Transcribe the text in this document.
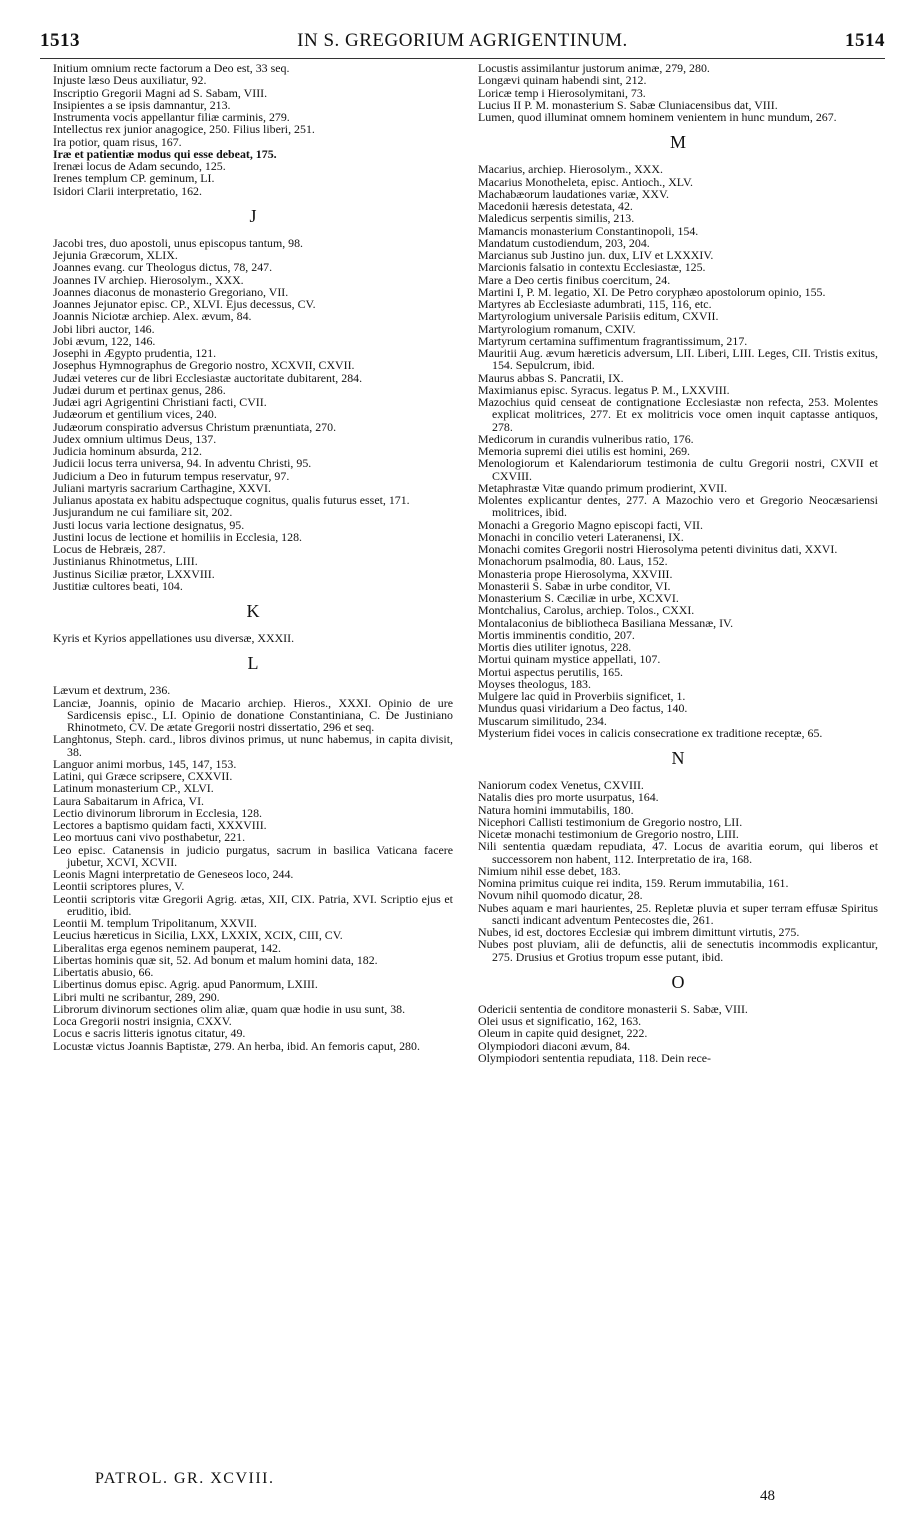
1513	IN S. GREGORIUM AGRIGENTINUM.	1514
Initium omnium recte factorum a Deo est, 33 seq.
Injuste læso Deus auxiliatur, 92.
Inscriptio Gregorii Magni ad S. Sabam, VIII.
Insipientes a se ipsis damnantur, 213.
Instrumenta vocis appellantur filiæ carminis, 279.
Intellectus rex junior anagogice, 250. Filius liberi, 251.
Ira potior, quam risus, 167.
Iræ et patientiæ modus qui esse debeat, 175.
Irenæi locus de Adam secundo, 125.
Irenes templum CP. geminum, LI.
Isidori Clarii interpretatio, 162.
J
Jacobi tres, duo apostoli, unus episcopus tantum, 98.
Jejunia Græcorum, XLIX.
Joannes evang. cur Theologus dictus, 78, 247.
Joannes IV archiep. Hierosolym., XXX.
Joannes diaconus de monasterio Gregoriano, VII.
Joannes Jejunator episc. CP., XLVI. Ejus decessus, CV.
Joannis Niciotæ archiep. Alex. ævum, 84.
Jobi libri auctor, 146.
Jobi ævum, 122, 146.
Josephi in Ægypto prudentia, 121.
Josephus Hymnographus de Gregorio nostro, XCXVII, CXVII.
Judæi veteres cur de libri Ecclesiastæ auctoritate dubitarent, 284.
Judæi durum et pertinax genus, 286.
Judæi agri Agrigentini Christiani facti, CVII.
Judæorum et gentilium vices, 240.
Judæorum conspiratio adversus Christum prænuntiata, 270.
Judex omnium ultimus Deus, 137.
Judicia hominum absurda, 212.
Judicii locus terra universa, 94. In adventu Christi, 95.
Judicium a Deo in futurum tempus reservatur, 97.
Juliani martyris sacrarium Carthagine, XXVI.
Julianus apostata ex habitu adspectuque cognitus, qualis futurus esset, 171.
Jusjurandum ne cui familiare sit, 202.
Justi locus varia lectione designatus, 95.
Justini locus de lectione et homiliis in Ecclesia, 128.
Locus de Hebræis, 287.
Justinianus Rhinotmetus, LIII.
Justinus Siciliæ prætor, LXXVIII.
Justitiæ cultores beati, 104.
K
Kyris et Kyrios appellationes usu diversæ, XXXII.
L
Lævum et dextrum, 236.
Lanciæ, Joannis, opinio de Macario archiep. Hieros., XXXI. Opinio de ure Sardicensis episc., LI. Opinio de donatione Constantiniana, C. De Justiniano Rhinotmeto, CV. De ætate Gregorii nostri dissertatio, 296 et seq.
Langhtonus, Steph. card., libros divinos primus, ut nunc habemus, in capita divisit, 38.
Languor animi morbus, 145, 147, 153.
Latini, qui Græce scripsere, CXXVII.
Latinum monasterium CP., XLVI.
Laura Sabaitarum in Africa, VI.
Lectio divinorum librorum in Ecclesia, 128.
Lectores a baptismo quidam facti, XXXVIII.
Leo mortuus cani vivo posthabetur, 221.
Leo episc. Catanensis in judicio purgatus, sacrum in basilica Vaticana facere jubetur, XCVI, XCVII.
Leonis Magni interpretatio de Geneseos loco, 244.
Leontii scriptores plures, V.
Leontii scriptoris vitæ Gregorii Agrig. ætas, XII, CIX. Patria, XVI. Scriptio ejus et eruditio, ibid.
Leontii M. templum Tripolitanum, XXVII.
Leucius hæreticus in Sicilia, LXX, LXXIX, XCIX, CIII, CV.
Liberalitas erga egenos neminem pauperat, 142.
Libertas hominis quæ sit, 52. Ad bonum et malum homini data, 182.
Libertatis abusio, 66.
Libertinus domus episc. Agrig. apud Panormum, LXIII.
Libri multi ne scribantur, 289, 290.
Librorum divinorum sectiones olim aliæ, quam quæ hodie in usu sunt, 38.
Loca Gregorii nostri insignia, CXXV.
Locus e sacris litteris ignotus citatur, 49.
Locustæ victus Joannis Baptistæ, 279. An herba, ibid. An femoris caput, 280.
Locustis assimilantur justorum animæ, 279, 280.
Longævi quinam habendi sint, 212.
Loricæ temp i Hierosolymitani, 73.
Lucius II P. M. monasterium S. Sabæ Cluniacensibus dat, VIII.
Lumen, quod illuminat omnem hominem venientem in hunc mundum, 267.
M
Macarius, archiep. Hierosolym., XXX.
Macarius Monotheleta, episc. Antioch., XLV.
Machabæorum laudationes variæ, XXV.
Macedonii hæresis detestata, 42.
Maledicus serpentis similis, 213.
Mamancis monasterium Constantinopoli, 154.
Mandatum custodiendum, 203, 204.
Marcianus sub Justino jun. dux, LIV et LXXXIV.
Marcionis falsatio in contextu Ecclesiastæ, 125.
Mare a Deo certis finibus coercitum, 24.
Martini I, P. M. legatio, XI. De Petro coryphæo apostolorum opinio, 155.
Martyres ab Ecclesiaste adumbrati, 115, 116, etc.
Martyrologium universale Parisiis editum, CXVII.
Martyrologium romanum, CXIV.
Martyrum certamina suffimentum fragrantissimum, 217.
Mauritii Aug. ævum hæreticis adversum, LII. Liberi, LIII. Leges, CII. Tristis exitus, 154. Sepulcrum, ibid.
Maurus abbas S. Pancratii, IX.
Maximianus episc. Syracus. legatus P. M., LXXVIII.
Mazochius quid censeat de contignatione Ecclesiastæ non refecta, 253. Molentes explicat molitrices, 277. Et ex molitricis voce omen inquit captasse antiquos, 278.
Medicorum in curandis vulneribus ratio, 176.
Memoria supremi diei utilis est homini, 269.
Menologiorum et Kalendariorum testimonia de cultu Gregorii nostri, CXVII et CXVIII.
Metaphrastæ Vitæ quando primum prodierint, XVII.
Molentes explicantur dentes, 277. A Mazochio vero et Gregorio Neocæsariensi molitrices, ibid.
Monachi a Gregorio Magno episcopi facti, VII.
Monachi in concilio veteri Lateranensi, IX.
Monachi comites Gregorii nostri Hierosolyma petenti divinitus dati, XXVI.
Monachorum psalmodia, 80. Laus, 152.
Monasteria prope Hierosolyma, XXVIII.
Monasterii S. Sabæ in urbe conditor, VI.
Monasterium S. Cæciliæ in urbe, XCXVI.
Montchalius, Carolus, archiep. Tolos., CXXI.
Montalaconius de bibliotheca Basiliana Messanæ, IV.
Mortis imminentis conditio, 207.
Mortis dies utiliter ignotus, 228.
Mortui quinam mystice appellati, 107.
Mortui aspectus perutilis, 165.
Moyses theologus, 183.
Mulgere lac quid in Proverbiis significet, 1.
Mundus quasi viridarium a Deo factus, 140.
Muscarum similitudo, 234.
Mysterium fidei voces in calicis consecratione ex traditione receptæ, 65.
N
Naniorum codex Venetus, CXVIII.
Natalis dies pro morte usurpatus, 164.
Natura homini immutabilis, 180.
Nicephori Callisti testimonium de Gregorio nostro, LII.
Nicetæ monachi testimonium de Gregorio nostro, LIII.
Nili sententia quædam repudiata, 47. Locus de avaritia eorum, qui liberos et successorem non habent, 112. Interpretatio de ira, 168.
Nimium nihil esse debet, 183.
Nomina primitus cuique rei indita, 159. Rerum immutabilia, 161.
Novum nihil quomodo dicatur, 28.
Nubes aquam e mari haurientes, 25. Repletæ pluvia et super terram effusæ Spiritus sancti indicant adventum Pentecostes die, 261.
Nubes, id est, doctores Ecclesiæ qui imbrem dimittunt virtutis, 275.
Nubes post pluviam, alii de defunctis, alii de senectutis incommodis explicantur, 275. Drusius et Grotius tropum esse putant, ibid.
O
Odericii sententia de conditore monasterii S. Sabæ, VIII.
Olei usus et significatio, 162, 163.
Oleum in capite quid designet, 222.
Olympiodori diaconi ævum, 84.
Olympiodori sententia repudiata, 118. Dein rece-
PATROL. GR. XCVIII.
48
